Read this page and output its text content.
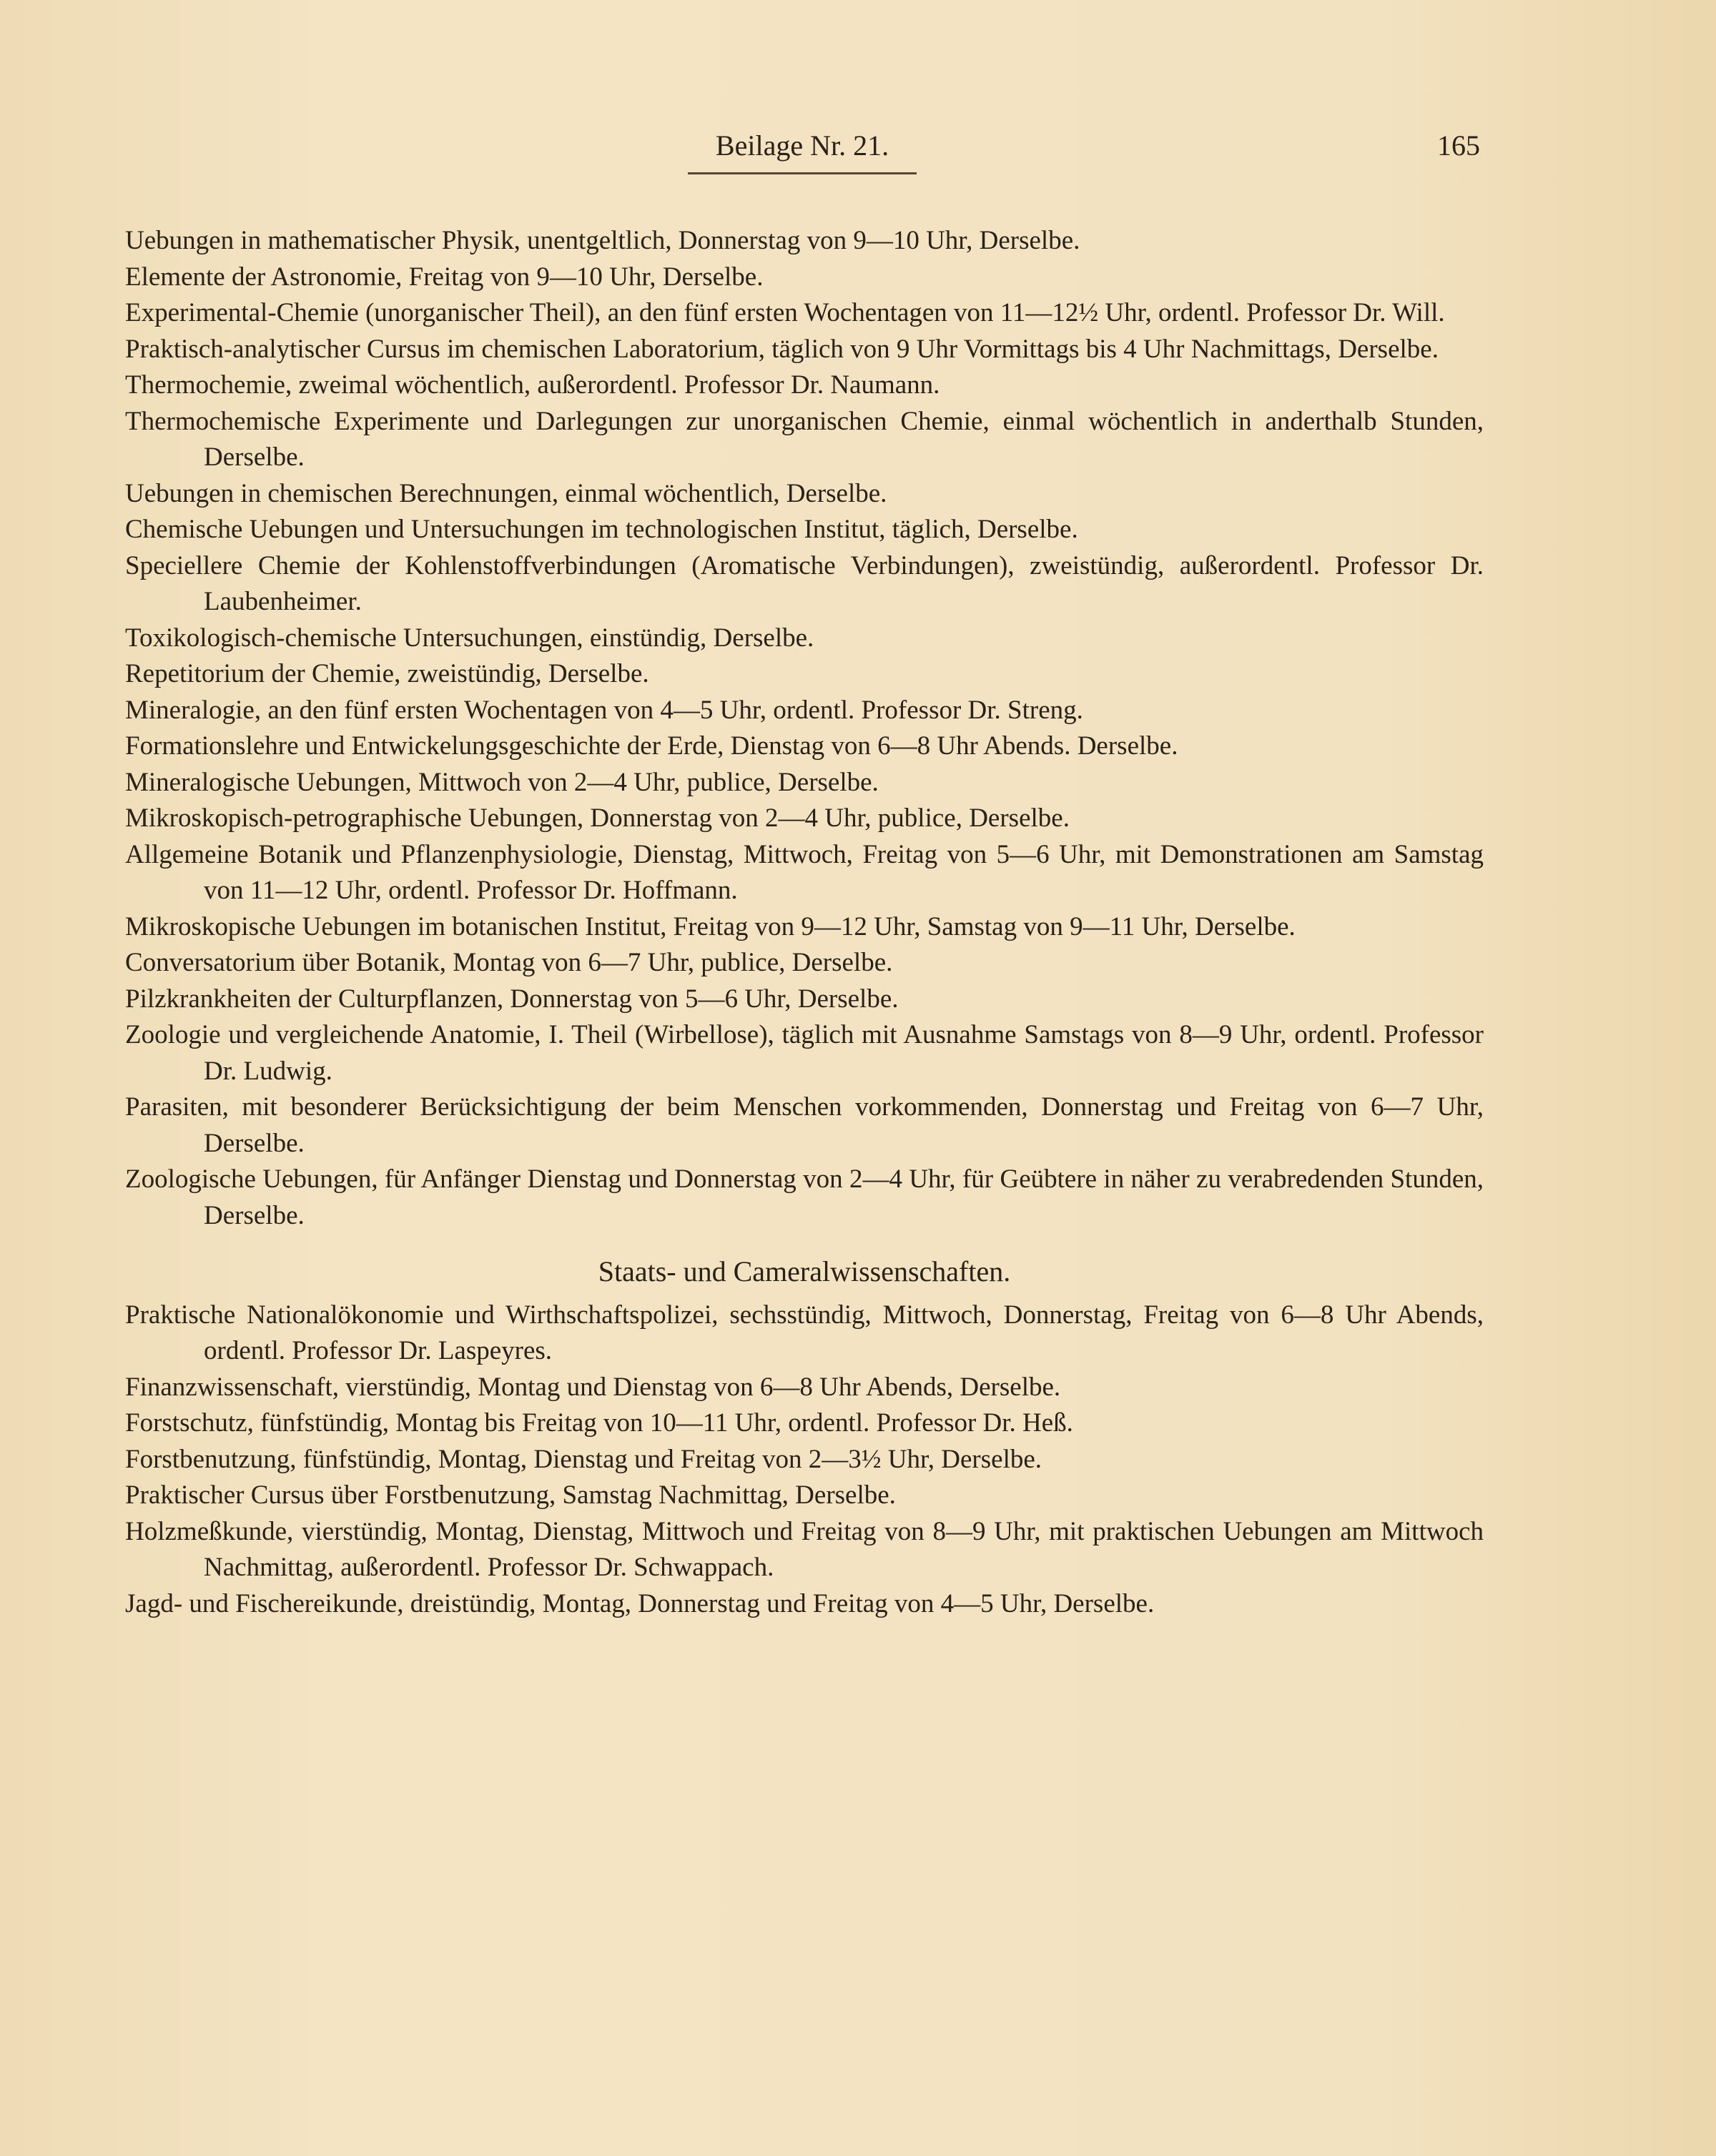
Beilage Nr. 21.	165

Uebungen in mathematischer Physik, unentgeltlich, Donnerstag von 9—10 Uhr, Derselbe.

Elemente der Astronomie, Freitag von 9—10 Uhr, Derselbe.

Experimental-Chemie (unorganischer Theil), an den fünf ersten Wochentagen von 11—12½ Uhr, ordentl. Professor Dr. Will.

Praktisch-analytischer Cursus im chemischen Laboratorium, täglich von 9 Uhr Vormittags bis 4 Uhr Nachmittags, Derselbe.

Thermochemie, zweimal wöchentlich, außerordentl. Professor Dr. Naumann.

Thermochemische Experimente und Darlegungen zur unorganischen Chemie, einmal wöchentlich in anderthalb Stunden, Derselbe.

Uebungen in chemischen Berechnungen, einmal wöchentlich, Derselbe.

Chemische Uebungen und Untersuchungen im technologischen Institut, täglich, Derselbe.

Speciellere Chemie der Kohlenstoffverbindungen (Aromatische Verbindungen), zweistündig, außerordentl. Professor Dr. Laubenheimer.

Toxikologisch-chemische Untersuchungen, einstündig, Derselbe.

Repetitorium der Chemie, zweistündig, Derselbe.

Mineralogie, an den fünf ersten Wochentagen von 4—5 Uhr, ordentl. Professor Dr. Streng.

Formationslehre und Entwickelungsgeschichte der Erde, Dienstag von 6—8 Uhr Abends. Derselbe.

Mineralogische Uebungen, Mittwoch von 2—4 Uhr, publice, Derselbe.

Mikroskopisch-petrographische Uebungen, Donnerstag von 2—4 Uhr, publice, Derselbe.

Allgemeine Botanik und Pflanzenphysiologie, Dienstag, Mittwoch, Freitag von 5—6 Uhr, mit Demonstrationen am Samstag von 11—12 Uhr, ordentl. Professor Dr. Hoffmann.

Mikroskopische Uebungen im botanischen Institut, Freitag von 9—12 Uhr, Samstag von 9—11 Uhr, Derselbe.

Conversatorium über Botanik, Montag von 6—7 Uhr, publice, Derselbe.

Pilzkrankheiten der Culturpflanzen, Donnerstag von 5—6 Uhr, Derselbe.

Zoologie und vergleichende Anatomie, I. Theil (Wirbellose), täglich mit Ausnahme Samstags von 8—9 Uhr, ordentl. Professor Dr. Ludwig.

Parasiten, mit besonderer Berücksichtigung der beim Menschen vorkommenden, Donnerstag und Freitag von 6—7 Uhr, Derselbe.

Zoologische Uebungen, für Anfänger Dienstag und Donnerstag von 2—4 Uhr, für Geübtere in näher zu verabredenden Stunden, Derselbe.

Staats- und Cameralwissenschaften.

Praktische Nationalökonomie und Wirthschaftspolizei, sechsstündig, Mittwoch, Donnerstag, Freitag von 6—8 Uhr Abends, ordentl. Professor Dr. Laspeyres.

Finanzwissenschaft, vierstündig, Montag und Dienstag von 6—8 Uhr Abends, Derselbe.

Forstschutz, fünfstündig, Montag bis Freitag von 10—11 Uhr, ordentl. Professor Dr. Heß.

Forstbenutzung, fünfstündig, Montag, Dienstag und Freitag von 2—3½ Uhr, Derselbe.

Praktischer Cursus über Forstbenutzung, Samstag Nachmittag, Derselbe.

Holzmeßkunde, vierstündig, Montag, Dienstag, Mittwoch und Freitag von 8—9 Uhr, mit praktischen Uebungen am Mittwoch Nachmittag, außerordentl. Professor Dr. Schwappach.

Jagd- und Fischereikunde, dreistündig, Montag, Donnerstag und Freitag von 4—5 Uhr, Derselbe.
